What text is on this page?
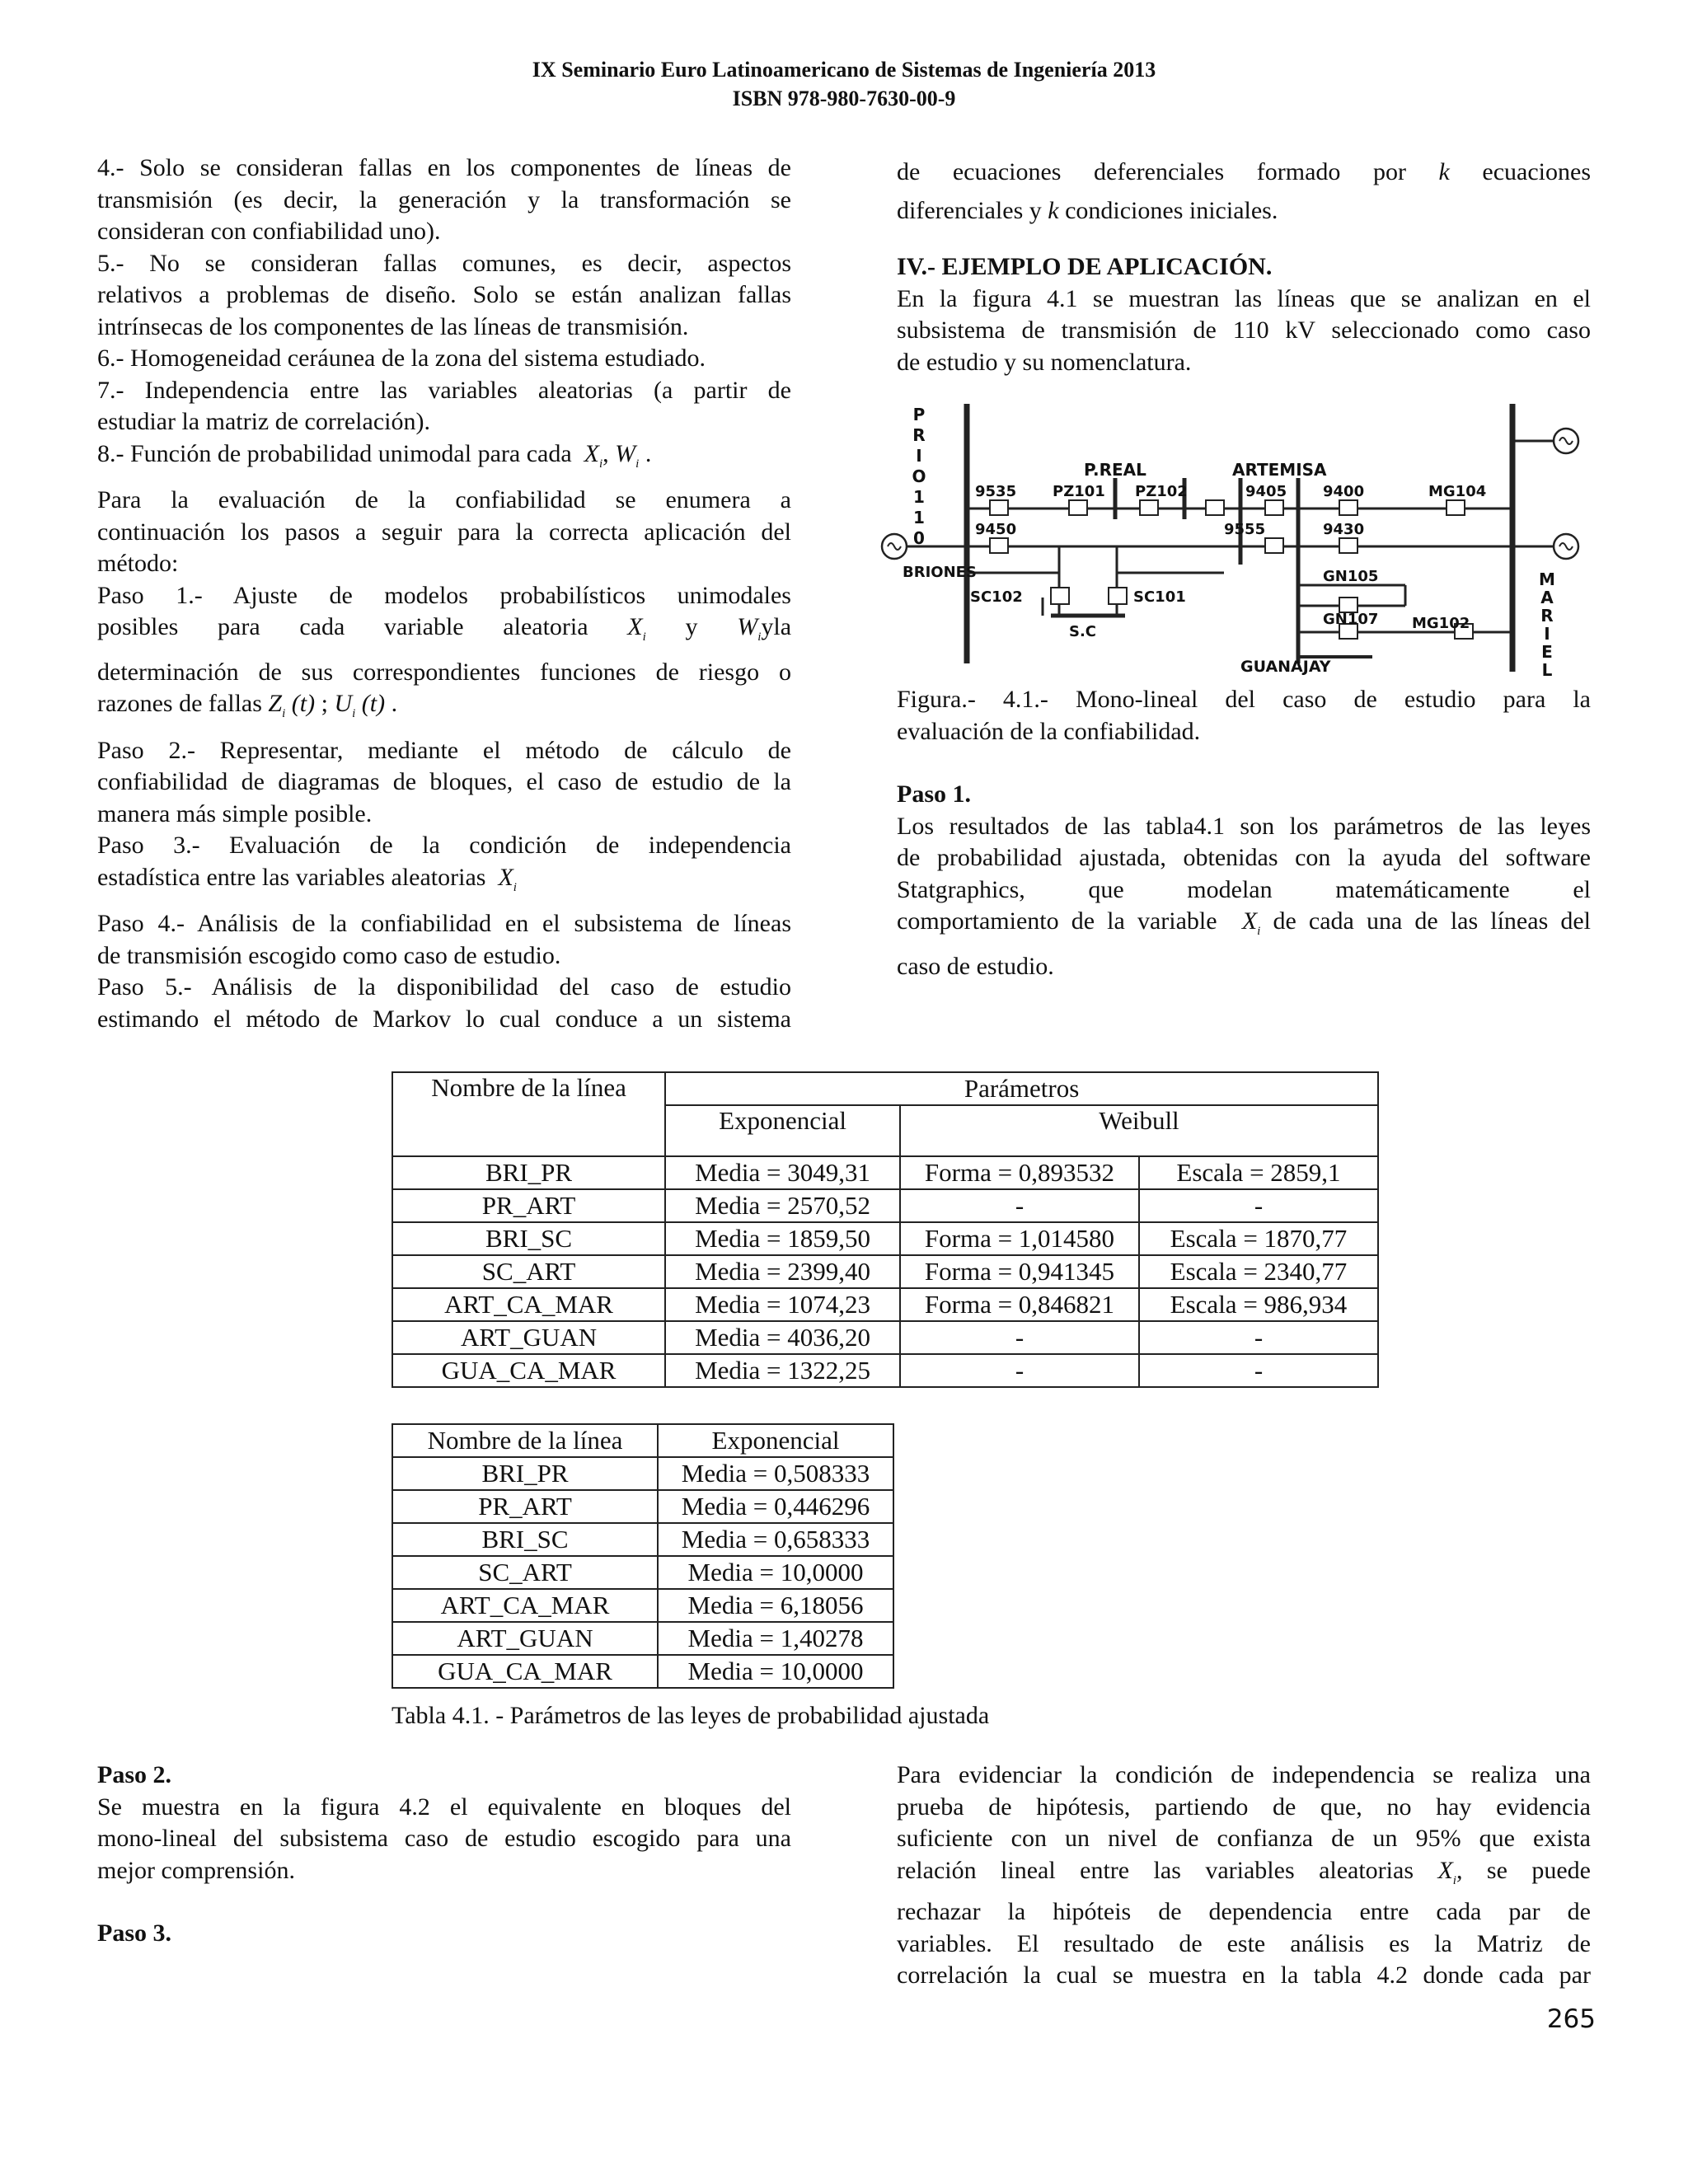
IX Seminario Euro Latinoamericano de Sistemas de Ingeniería 2013
ISBN 978-980-7630-00-9

4.- Solo se consideran fallas en los componentes de líneas de

transmisión (es decir, la generación y la transformación se

consideran con confiabilidad uno).

5.- No se consideran fallas comunes, es decir, aspectos

relativos a problemas de diseño. Solo se están analizan fallas

intrínsecas de los componentes de las líneas de transmisión.

6.- Homogeneidad ceráunea de la zona del sistema estudiado.

7.- Independencia entre las variables aleatorias (a partir de

estudiar la matriz de correlación).

8.- Función de probabilidad unimodal para cada $X_i$, $W_i$ .

Para la evaluación de la confiabilidad se enumera a

continuación los pasos a seguir para la correcta aplicación del

método:

Paso 1.- Ajuste de modelos probabilísticos unimodales

posibles para cada variable aleatoria $X_i$ y $W_iyla$

determinación de sus correspondientes funciones de riesgo o

razones de fallas $Z_i$ (t) ; $U_i$ (t) .

Paso 2.- Representar, mediante el método de cálculo de

confiabilidad de diagramas de bloques, el caso de estudio de la

manera más simple posible.

Paso 3.- Evaluación de la condición de independencia

estadística entre las variables aleatorias $X_i$

Paso 4.- Análisis de la confiabilidad en el subsistema de líneas

de transmisión escogido como caso de estudio.

Paso 5.- Análisis de la disponibilidad del caso de estudio

estimando el método de Markov lo cual conduce a un sistema

de ecuaciones deferenciales formado por k ecuaciones

diferenciales y k condiciones iniciales.

IV.- EJEMPLO DE APLICACIÓN.

En la figura 4.1 se muestran las líneas que se analizan en el

subsistema de transmisión de 110 kV seleccionado como caso

de estudio y su nomenclatura.

P
R
I
O
1
1
0
M
A
R
I
E
L
P.REAL	ARTEMISA
9535 PZ101 PZ102	9405 9400	MG104
9450	9555	9430
BRIONES
SC102	SC101
GN105
GN107 MG102
S.C
GUANAJAY

Figura.- 4.1.- Mono-lineal del caso de estudio para la

evaluación de la confiabilidad.

Paso 1.

Los resultados de las tabla4.1 son los parámetros de las leyes

de probabilidad ajustada, obtenidas con la ayuda del software

Statgraphics, que modelan matemáticamente el

comportamiento de la variable $X_i$ de cada una de las líneas del

caso de estudio.

Nombre de la línea	Parámetros		
	Exponencial	Weibull	
BRI_PR	Media = 3049,31	Forma = 0,893532	Escala = 2859,1
PR_ART	Media = 2570,52	-	-
BRI_SC	Media = 1859,50	Forma = 1,014580	Escala = 1870,77
SC_ART	Media = 2399,40	Forma = 0,941345	Escala = 2340,77
ART_CA_MAR	Media = 1074,23	Forma = 0,846821	Escala = 986,934
ART_GUAN	Media = 4036,20	-	-
GUA_CA_MAR	Media = 1322,25	-	-
Nombre de la línea	Exponencial
BRI_PR	Media = 0,508333
PR_ART	Media = 0,446296
BRI_SC	Media = 0,658333
SC_ART	Media = 10,0000
ART_CA_MAR	Media = 6,18056
ART_GUAN	Media = 1,40278
GUA_CA_MAR	Media = 10,0000
Tabla 4.1. - Parámetros de las leyes de probabilidad ajustada

Paso 2.

Se muestra en la figura 4.2 el equivalente en bloques del

mono-lineal del subsistema caso de estudio escogido para una

mejor comprensión.

Paso 3.

Para evidenciar la condición de independencia se realiza una

prueba de hipótesis, partiendo de que, no hay evidencia

suficiente con un nivel de confianza de un 95% que exista

relación lineal entre las variables aleatorias $X_i$, se puede

rechazar la hipóteis de dependencia entre cada par de

variables. El resultado de este análisis es la Matriz de

correlación la cual se muestra en la tabla 4.2 donde cada par

265
